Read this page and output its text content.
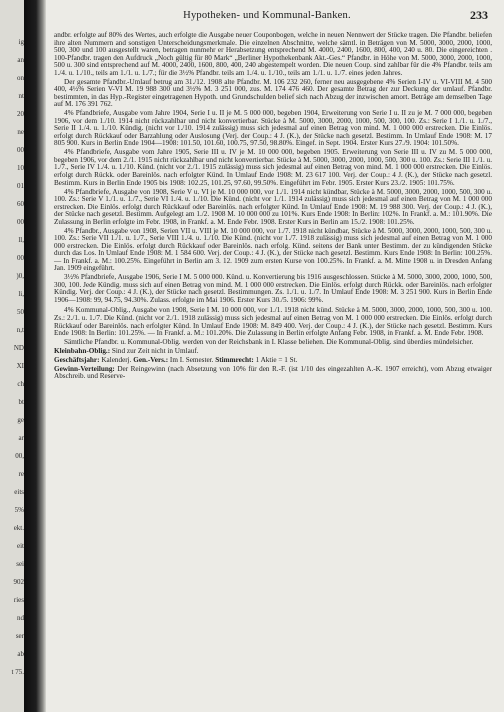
ig
an
on
nt
20
ne
00
10
01
60
00
ll,
00
)0,
li,
50
n,t
ND
XI
ch
bt
ge
ar
00,
re
eits
5%
ekt.
eit
sei
902
ries
nd
ser
ab
t 75.
Hypotheken- und Kommunal-Banken.	233

andbr. erfolgte auf 80% des Wertes, auch erfolgte die Ausgabe neuer Couponbogen, welche in neuen Nennwert der Stücke tragen. Die Pfandbr. beliefen ihre alten Nummern and sonstigen Unterscheidungsmerkmale. Die einzelnen Abschnitte, welche sämtl. in Beträgen von M. 5000, 3000, 2000, 1000, 500, 300 und 100 ausgestellt waren, betragen nunmehr er Herabsetzung entsprechend M. 4000, 2400, 1600, 800, 400, 240 u. 80. Die eingereichten . 100-Pfandbr. tragen den Aufdruck „Noch gültig für 80 Mark“ „Berliner Hypothekenbank Akt.-Ges.“ Pfandbr. in Höhe von M. 5000, 3000, 2000, 1000, 500 u. 300 sind entsprechend auf M. 4000, 2400, 1600, 800, 400, 240 abgestempelt worden. Die neuen Coup. sind zahlbar für die 4% Pfandbr. teils am 1./4. u. 1./10., teils am 1./1. u. 1./7.; für die 3½% Pfandbr. teils am 1./4. u. 1./10., teils am 1./1. u. 1./7. eines jeden Jahres.

Der gesamte Pfandbr.-Umlauf betrug am 31./12. 1908 alte Pfandbr. M. 106 232 260, ferner neu ausgegebene 4% Serien I-IV u. VI-VIII M. 4 500 400, 4½% Serien V-VI M. 19 988 300 und 3½% M. 3 251 000, zus. M. 174 476 460. Der gesamte Betrag der zur Deckung der umlauf. Pfandbr. bestimmten, in das Hyp.-Register eingetragenen Hypoth. und Grundschulden belief sich nach Abzug der inzwischen amort. Beträge am demselben Tage auf M. 176 391 762.

4% Pfandbriefe, Ausgabe vom Jahre 1904, Serie I u. II je M. 5 000 000, begeben 1904, Erweiterung von Serie I u. II zu je M. 7 000 000, begeben 1906, vor dem 1./10. 1914 nicht rückzahlbar und nicht konvertierbar. Stücke à M. 5000, 3000, 2000, 1000, 500, 300, 100. Zs.: Serie I 1./1. u. 1./7., Serie II 1./4. u. 1./10. Kündig. (nicht vor 1./10. 1914 zulässig) muss sich jedesmal auf einen Betrag von mind. M. 1 000 000 erstrecken. Die Einlös. erfolgt durch Rückkauf oder Barzahlung oder Auslosung (Verj. der Coup.: 4 J. (K.), der Stücke nach gesetzl. Bestimm. In Umlauf Ende 1908: M. 17 805 900. Kurs in Berlin Ende 1904—1908: 101.50, 101.60, 100.75, 97.50, 98.80%. Eingef. in Sept. 1904. Erster Kurs 27./9. 1904: 101.50%.

4% Pfandbriefe, Ausgabe vom Jahre 1905, Serie III u. IV je M. 10 000 000, begeben 1905. Erweiterung von Serie III u. IV zu M. 5 000 000, begeben 1906, vor dem 2./1. 1915 nicht rückzahlbar und nicht konvertierbar. Stücke à M. 5000, 3000, 2000, 1000, 500, 300 u. 100. Zs.: Serie III 1./1. u. 1./7., Serie IV 1./4. u. 1./10. Künd. (nicht vor 2./1. 1915 zulässig) muss sich jedesmal auf einen Betrag von mind. M. 1 000 000 erstrecken. Die Einlös. erfolgt durch Rückk. oder Bareinlös. nach erfolgter Künd. In Umlauf Ende 1908: M. 23 617 100. Verj. der Coup.: 4 J. (K.), der Stücke nach gesetzl. Bestimm. Kurs in Berlin Ende 1905 bis 1908: 102.25, 101.25, 97.60, 99.50%. Eingeführt im Febr. 1905. Erster Kurs 23./2. 1905: 101.75%.

4% Pfandbriefe, Ausgabe von 1908, Serie V u. VI je M. 10 000 000, vor 1./1. 1914 nicht kündbar, Stücke à M. 5000, 3000, 2000, 1000, 500, 300 u. 100. Zs.: Serie V 1./1. u. 1./7., Serie VI 1./4. u. 1./10. Die Künd. (nicht vor 1./1. 1914 zulässig) muss sich jedesmal auf einen Betrag von M. 1 000 000 erstrecken. Die Einlös. erfolgt durch Rückkauf oder Bareinlös. nach erfolgter Künd. In Umlauf Ende 1908: M. 19 988 300. Verj. der Coup.: 4 J. (K.), der Stücke nach gesetzl. Bestimm. Aufgelegt am 1./2. 1908 M. 10 000 000 zu 101%. Kurs Ende 1908: In Berlin: 102%. In Frankf. a. M.: 101.90%. Die Zulassung in Berlin erfolgte im Febr. 1908, in Frankf. a. M. Ende Febr. 1908. Erster Kurs in Berlin am 15./2. 1908: 101.25%.

4% Pfandbr., Ausgabe von 1908, Serien VII u. VIII je M. 10 000 000, vor 1./7. 1918 nicht kündbar, Stücke à M. 5000, 3000, 2000, 1000, 500, 300 u. 100. Zs.: Serie VII 1./1. u. 1./7., Serie VIII 1./4. u. 1./10. Die Künd. (nicht vor 1./7. 1918 zulässig) muss sich jedesmal auf einen Betrag von M. 1 000 000 erstrecken. Die Einlös. erfolgt durch Rückkauf oder Bareinlös. nach erfolg. Künd. seitens der Bank unter Bestimm. der zu kündigenden Stücke durch das Los. In Umlauf Ende 1908: M. 1 584 600. Verj. der Coup.: 4 J. (K.), der Stücke nach gesetzl. Bestimm. Kurs Ende 1908: In Berlin: 100.25%. — In Frankf. a. M.: 100.25%. Eingeführt in Berlin am 3. 12. 1909 zum ersten Kurse von 100.25%. In Frankf. a. M. Mitte 1908 u. in Dresden Anfang Jan. 1909 eingeführt.

3½% Pfandbriefe, Ausgabe 1906, Serie I M. 5 000 000. Künd. u. Konvertierung bis 1916 ausgeschlossen. Stücke à M. 5000, 3000, 2000, 1000, 500, 300, 100. Jede Kündig. muss sich auf einen Betrag von mind. M. 1 000 000 erstrecken. Die Einlös. erfolgt durch Rückk. oder Bareinlös. nach erfolgter Kündig. Verj. der Coup.: 4 J. (K.), der Stücke nach gesetzl. Bestimmungen. Zs. 1./1. u. 1./7. In Umlauf Ende 1908: M. 3 251 900. Kurs in Berlin Ende 1906—1908: 99, 94.75, 94.30%. Zulass. erfolgte im Mai 1906. Erster Kurs 30./5. 1906: 99%.

4% Kommunal-Oblig., Ausgabe von 1908, Serie I M. 10 000 000, vor 1./1. 1918 nicht künd. Stücke à M. 5000, 3000, 2000, 1000, 500, 300 u. 100. Zs.: 2./1. u. 1./7. Die Künd. (nicht vor 2./1. 1918 zulässig) muss sich jedesmal auf einen Betrag von M. 1 000 000 erstrecken. Die Einlös. erfolgt durch Rückkauf oder Bareinlös. nach erfolgter Künd. In Umlauf Ende 1908: M. 849 400. Verj. der Coup.: 4 J. (K.), der Stücke nach gesetzl. Bestimm. Kurs Ende 1908: In Berlin: 101.25%. — In Frankf. a. M.: 101.20%. Die Zulassung in Berlin erfolgte Anfang Febr. 1908, in Frankf. a. M. Ende Febr. 1908.

Sämtliche Pfandbr. u. Kommunal-Oblig. werden von der Reichsbank in I. Klasse beliehen. Die Kommunal-Oblig. sind überdies mündelsicher.

Kleinbahn-Oblig.: Sind zur Zeit nicht in Umlauf.

Geschäftsjahr: Kalenderj. Gen.-Vers.: Im I. Semester. Stimmrecht: 1 Aktie = 1 St.

Gewinn-Verteilung: Der Reingewinn (nach Absetzung von 10% für den R.-F. (ist 1/10 des eingezahlten A.-K. 1907 erreicht), vom Abzug etwaiger Abschreib. und Reserve-
